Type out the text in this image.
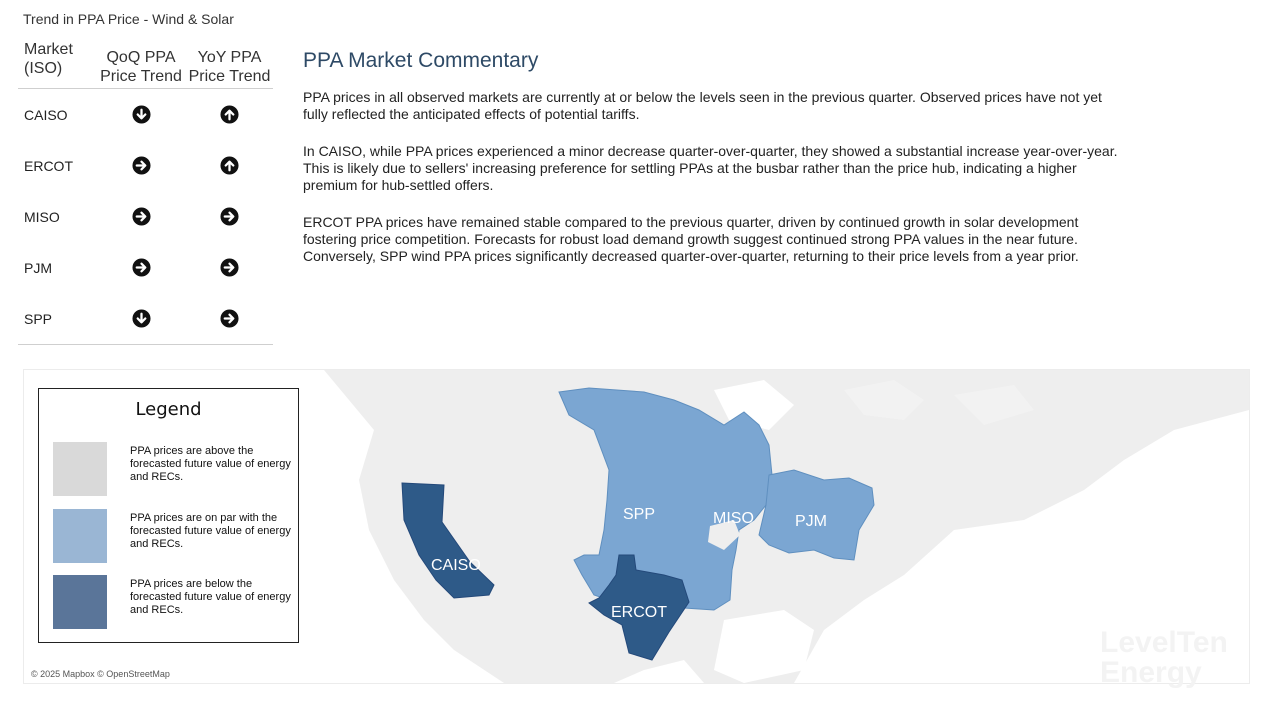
Trend in PPA Price - Wind & Solar
Market (ISO)	QoQ PPA Price Trend	YoY PPA Price Trend
CAISO		
ERCOT		
MISO		
PJM		
SPP		
PPA Market Commentary

PPA prices in all observed markets are currently at or below the levels seen in the previous quarter. Observed prices have not yet fully reflected the anticipated effects of potential tariffs.

In CAISO, while PPA prices experienced a minor decrease quarter-over-quarter, they showed a substantial increase year-over-year. This is likely due to sellers' increasing preference for settling PPAs at the busbar rather than the price hub, indicating a higher premium for hub-settled offers.

ERCOT PPA prices have remained stable compared to the previous quarter, driven by continued growth in solar development fostering price competition. Forecasts for robust load demand growth suggest continued strong PPA values in the near future. Conversely, SPP wind PPA prices significantly decreased quarter-over-quarter, returning to their price levels from a year prior.

CAISO
SPP	MISO	PJM
ERCOT
Legend
PPA prices are above the forecasted future value of energy and RECs.
PPA prices are on par with the forecasted future value of energy and RECs.
PPA prices are below the forecasted future value of energy and RECs.
© 2025 Mapbox © OpenStreetMap
LevelTen Energy
